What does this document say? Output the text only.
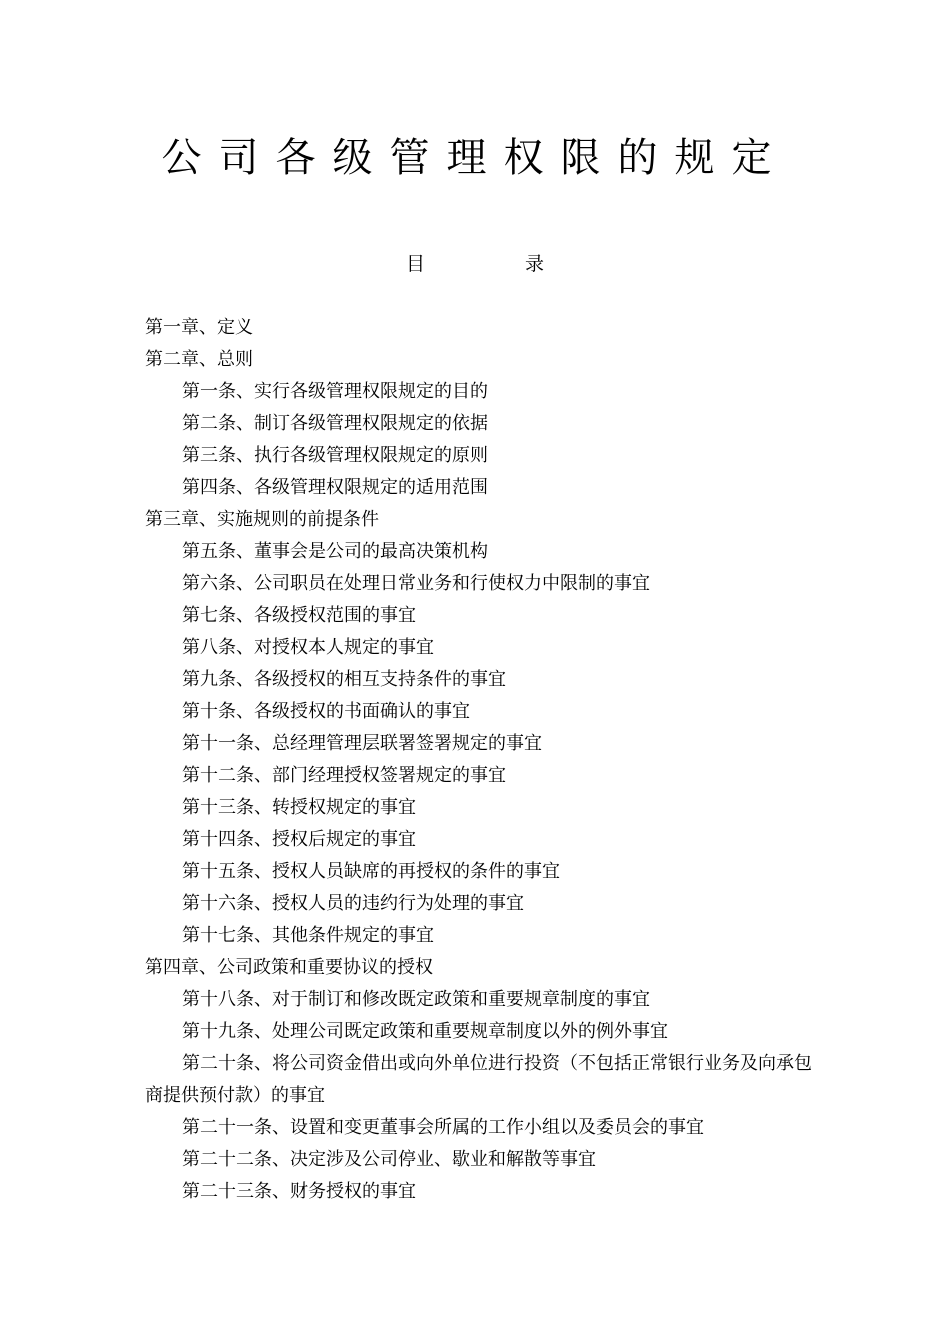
公司各级管理权限的规定
目录
第一章、定义
第二章、总则
第一条、实行各级管理权限规定的目的
第二条、制订各级管理权限规定的依据
第三条、执行各级管理权限规定的原则
第四条、各级管理权限规定的适用范围
第三章、实施规则的前提条件
第五条、董事会是公司的最高决策机构
第六条、公司职员在处理日常业务和行使权力中限制的事宜
第七条、各级授权范围的事宜
第八条、对授权本人规定的事宜
第九条、各级授权的相互支持条件的事宜
第十条、各级授权的书面确认的事宜
第十一条、总经理管理层联署签署规定的事宜
第十二条、部门经理授权签署规定的事宜
第十三条、转授权规定的事宜
第十四条、授权后规定的事宜
第十五条、授权人员缺席的再授权的条件的事宜
第十六条、授权人员的违约行为处理的事宜
第十七条、其他条件规定的事宜
第四章、公司政策和重要协议的授权
第十八条、对于制订和修改既定政策和重要规章制度的事宜
第十九条、处理公司既定政策和重要规章制度以外的例外事宜
第二十条、将公司资金借出或向外单位进行投资（不包括正常银行业务及向承包商提供预付款）的事宜
第二十一条、设置和变更董事会所属的工作小组以及委员会的事宜
第二十二条、决定涉及公司停业、歇业和解散等事宜
第二十三条、财务授权的事宜
